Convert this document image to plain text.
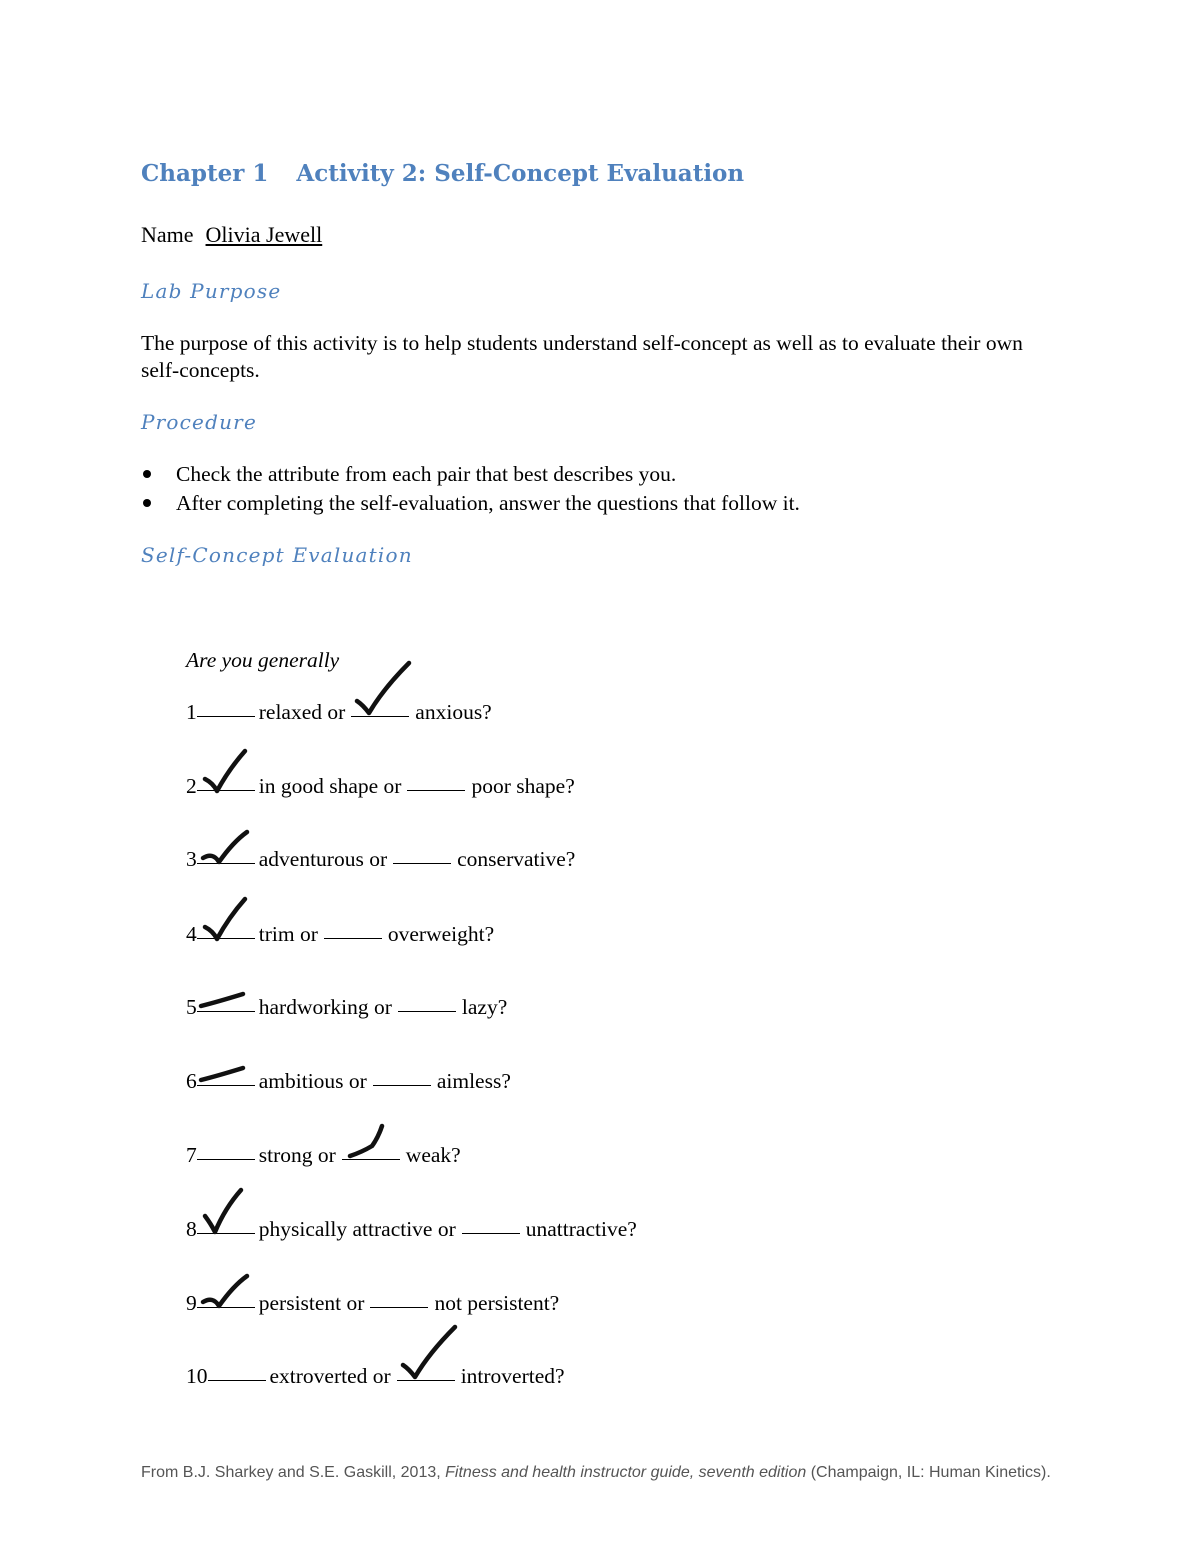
Chapter 1 Activity 2: Self-Concept Evaluation
Name Olivia Jewell
Lab Purpose
The purpose of this activity is to help students understand self-concept as well as to evaluate their own self-concepts.
Procedure
Check the attribute from each pair that best describes you.
After completing the self-evaluation, answer the questions that follow it.
Self-Concept Evaluation
Are you generally
1	relaxed or	anxious?
2	in good shape or	poor shape?
3	adventurous or	conservative?
4	trim or	overweight?
5	hardworking or	lazy?
6	ambitious or	aimless?
7	strong or	weak?
8	physically attractive or	unattractive?
9	persistent or	not persistent?
10	extroverted or	introverted?
From B.J. Sharkey and S.E. Gaskill, 2013, Fitness and health instructor guide, seventh edition (Champaign, IL: Human Kinetics).
